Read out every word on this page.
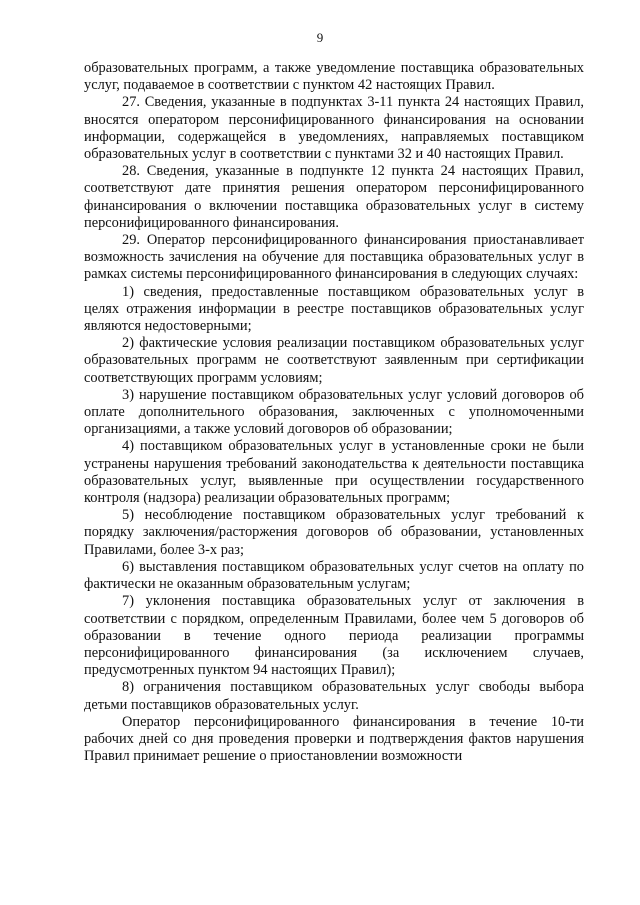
9

образовательных программ, а также уведомление поставщика образовательных услуг, подаваемое в соответствии с пунктом 42 настоящих Правил.

27. Сведения, указанные в подпунктах 3-11 пункта 24 настоящих Правил, вносятся оператором персонифицированного финансирования на основании информации, содержащейся в уведомлениях, направляемых поставщиком образовательных услуг в соответствии с пунктами 32 и 40 настоящих Правил.

28. Сведения, указанные в подпункте 12 пункта 24 настоящих Правил, соответствуют дате принятия решения оператором персонифицированного финансирования о включении поставщика образовательных услуг в систему персонифицированного финансирования.

29. Оператор персонифицированного финансирования приостанавливает возможность зачисления на обучение для поставщика образовательных услуг в рамках системы персонифицированного финансирования в следующих случаях:

1) сведения, предоставленные поставщиком образовательных услуг в целях отражения информации в реестре поставщиков образовательных услуг являются недостоверными;

2) фактические условия реализации поставщиком образовательных услуг образовательных программ не соответствуют заявленным при сертификации соответствующих программ условиям;

3) нарушение поставщиком образовательных услуг условий договоров об оплате дополнительного образования, заключенных с уполномоченными организациями, а также условий договоров об образовании;

4) поставщиком образовательных услуг в установленные сроки не были устранены нарушения требований законодательства к деятельности поставщика образовательных услуг, выявленные при осуществлении государственного контроля (надзора) реализации образовательных программ;

5) несоблюдение поставщиком образовательных услуг требований к порядку заключения/расторжения договоров об образовании, установленных Правилами, более 3-х раз;

6) выставления поставщиком образовательных услуг счетов на оплату по фактически не оказанным образовательным услугам;

7) уклонения поставщика образовательных услуг от заключения в соответствии с порядком, определенным Правилами, более чем 5 договоров об образовании в течение одного периода реализации программы персонифицированного финансирования (за исключением случаев, предусмотренных пунктом 94 настоящих Правил);

8) ограничения поставщиком образовательных услуг свободы выбора детьми поставщиков образовательных услуг.

Оператор персонифицированного финансирования в течение 10-ти рабочих дней со дня проведения проверки и подтверждения фактов нарушения Правил принимает решение о приостановлении возможности
